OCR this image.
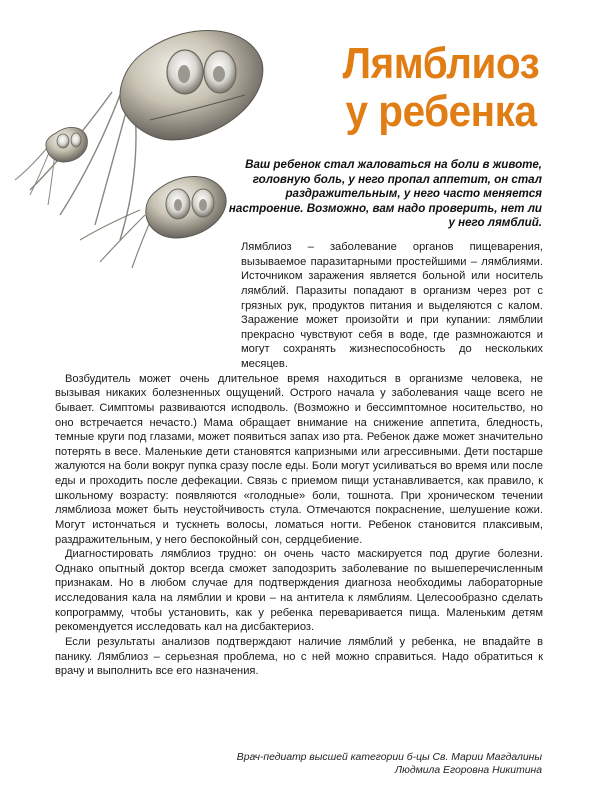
Лямблиоз
у ребенка
Ваш ребенок стал жаловаться на боли в животе, головную боль, у него пропал аппетит, он стал раздражительным, у него часто меняется настроение. Возможно, вам надо проверить, нет ли у него лямблий.

Лямблиоз – заболевание органов пищеварения, вызываемое паразитарными простейшими – лямблиями. Источником заражения является больной или носитель лямблий. Паразиты попадают в организм через рот с грязных рук, продуктов питания и выделяются с калом. Заражение может произойти и при купании: лямблии прекрасно чувствуют себя в воде, где размножаются и могут сохранять жизнеспособность до нескольких месяцев.

Возбудитель может очень длительное время находиться в организме человека, не вызывая никаких болезненных ощущений. Острого начала у заболевания чаще всего не бывает. Симптомы развиваются исподволь. (Возможно и бессимптомное носительство, но оно встречается нечасто.) Мама обращает внимание на снижение аппетита, бледность, темные круги под глазами, может появиться запах изо рта. Ребенок даже может значительно потерять в весе. Маленькие дети становятся капризными или агрессивными. Дети постарше жалуются на боли вокруг пупка сразу после еды. Боли могут усиливаться во время или после еды и проходить после дефекации. Связь с приемом пищи устанавливается, как правило, к школьному возрасту: появляются «голодные» боли, тошнота. При хроническом течении лямблиоза может быть неустойчивость стула. Отмечаются покраснение, шелушение кожи. Могут истончаться и тускнеть волосы, ломаться ногти. Ребенок становится плаксивым, раздражительным, у него беспокойный сон, сердцебиение.

Диагностировать лямблиоз трудно: он очень часто маскируется под другие болезни. Однако опытный доктор всегда сможет заподозрить заболевание по вышеперечисленным признакам. Но в любом случае для подтверждения диагноза необходимы лабораторные исследования кала на лямблии и крови – на антитела к лямблиям. Целесообразно сделать копрограмму, чтобы установить, как у ребенка переваривается пища. Маленьким детям рекомендуется исследовать кал на дисбактериоз.

Если результаты анализов подтверждают наличие лямблий у ребенка, не впадайте в панику. Лямблиоз – серьезная проблема, но с ней можно справиться. Надо обратиться к врачу и выполнить все его назначения.

Врач-педиатр высшей категории б-цы Св. Марии Магдалины
Людмила Егоровна Никитина
